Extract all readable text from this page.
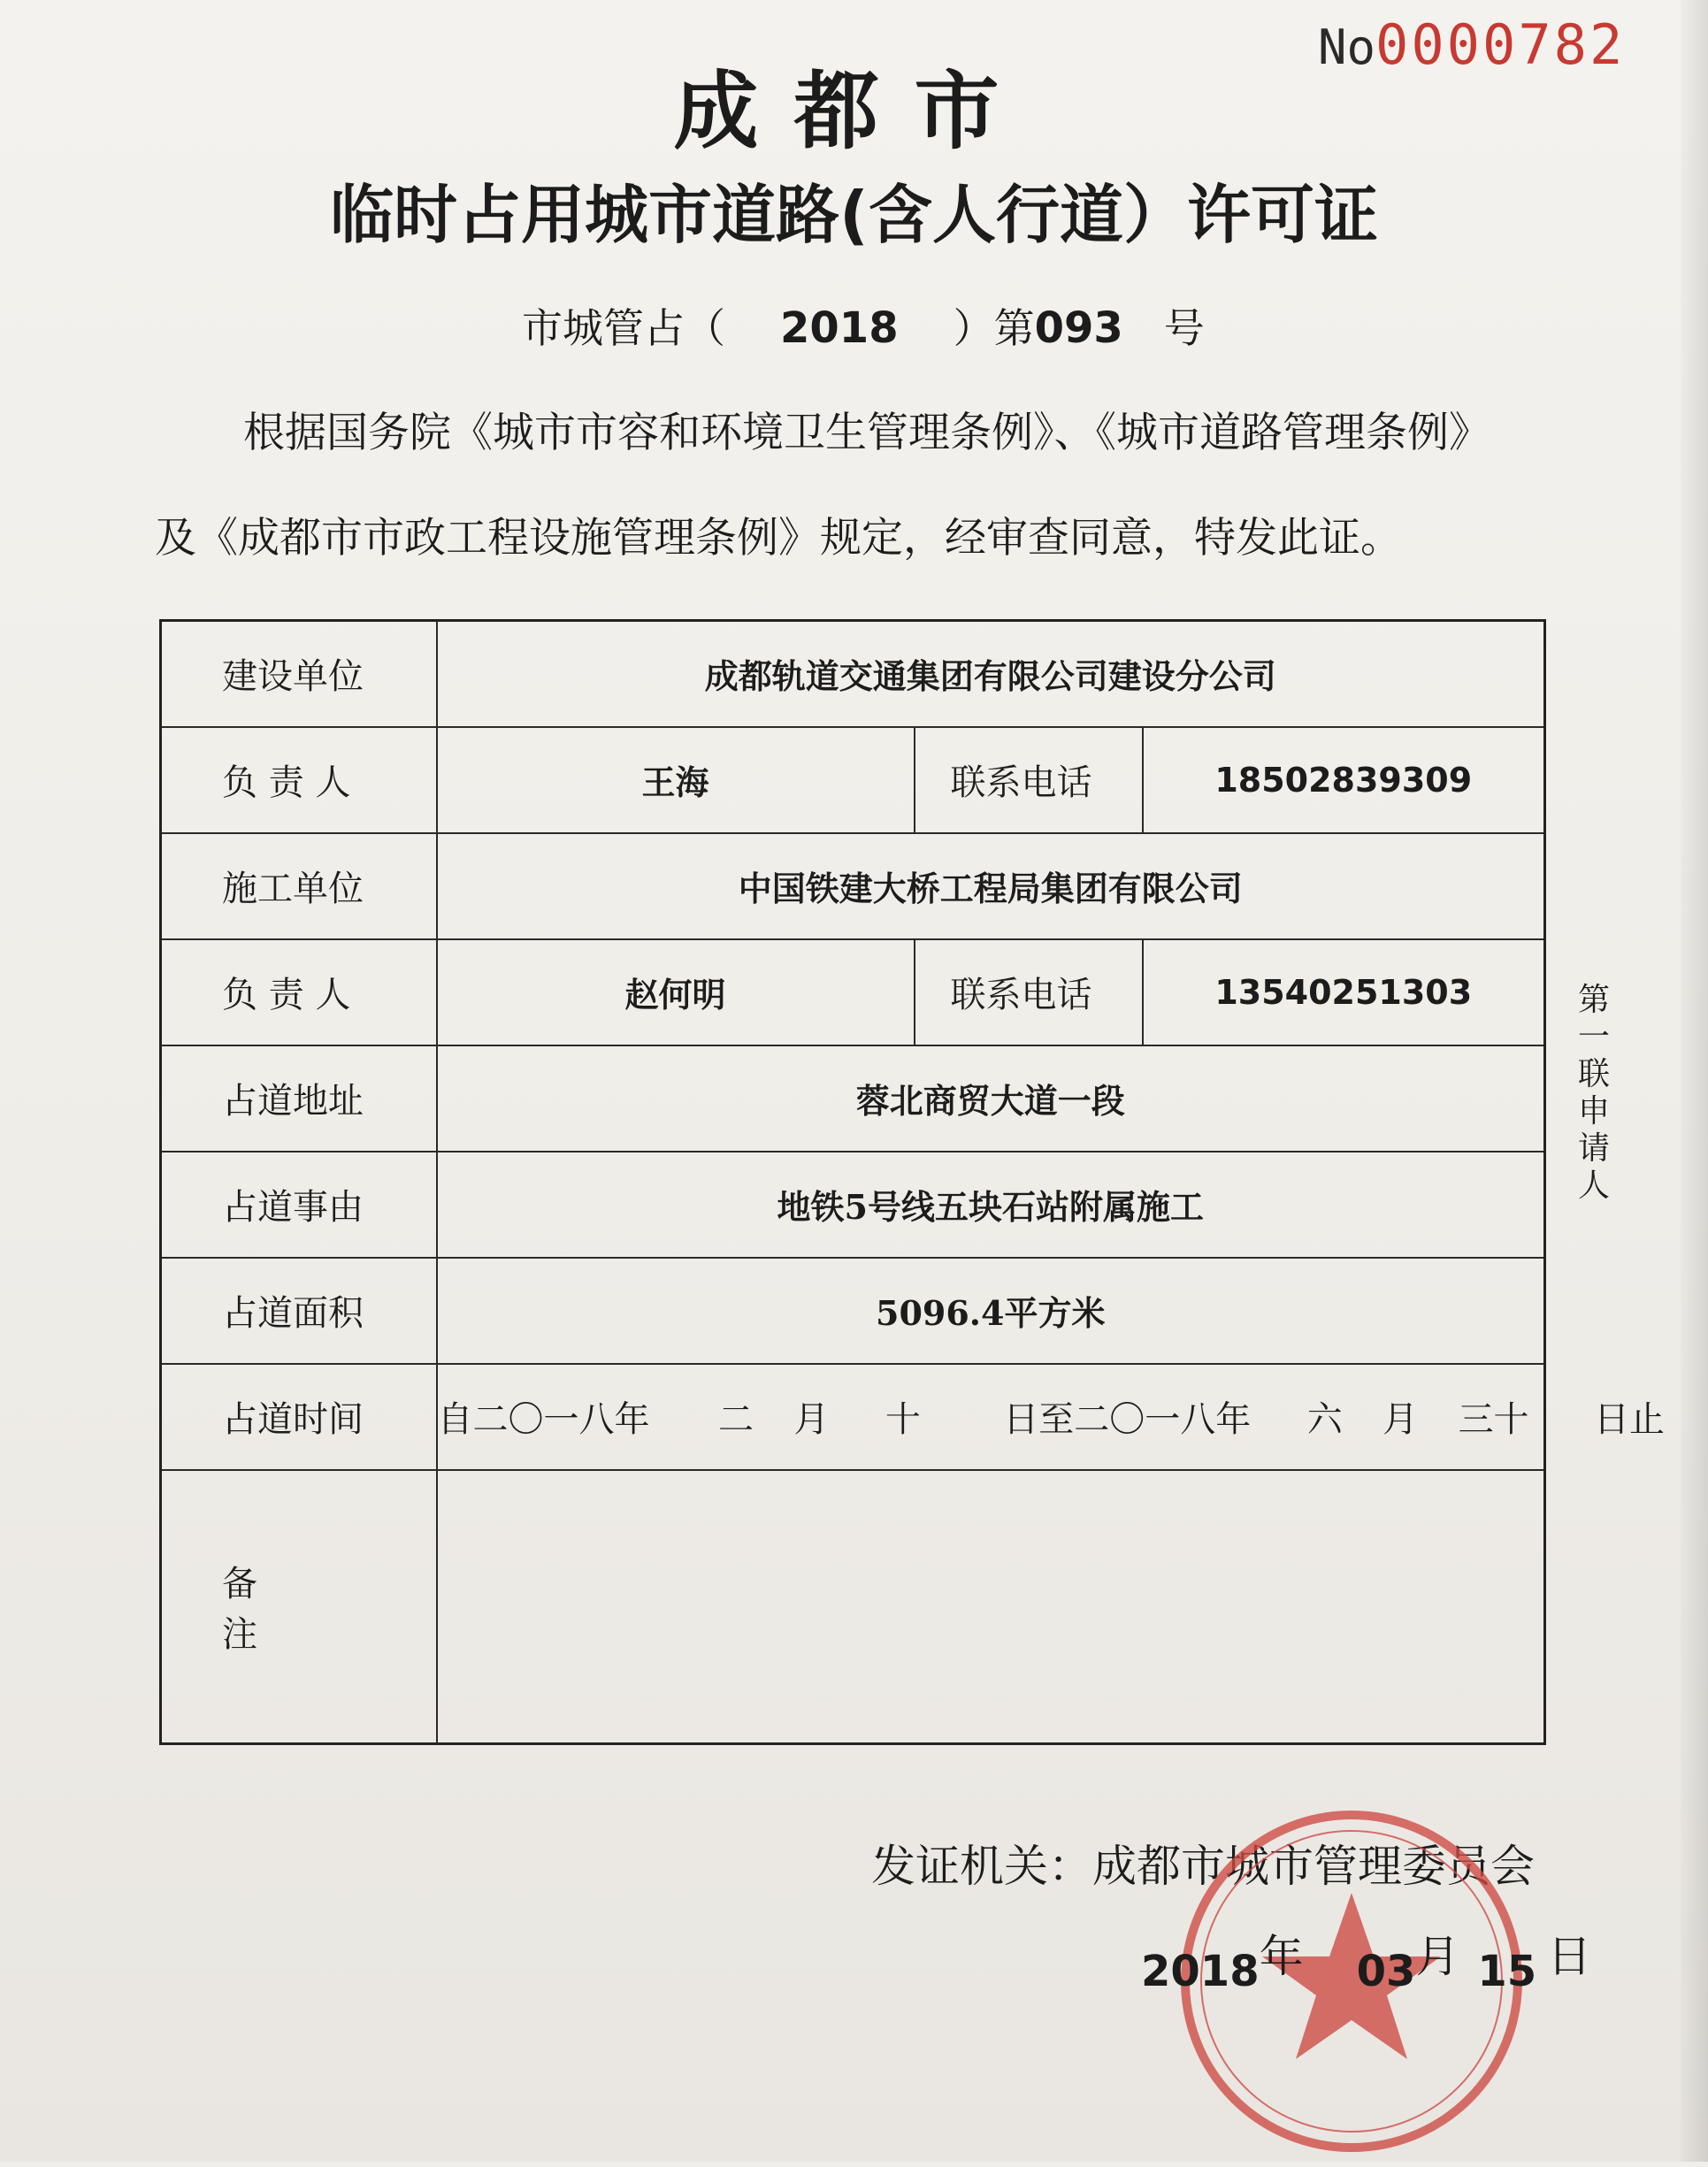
No0000782
成都市
临时占用城市道路(含人行道）许可证
市城管占（ 2018 ）第093 号
根据国务院《城市市容和环境卫生管理条例》、《城市道路管理条例》
及《成都市市政工程设施管理条例》规定，经审查同意，特发此证。
建设单位	成都轨道交通集团有限公司建设分公司		
负 责 人	王海	联系电话	18502839309
施工单位	中国铁建大桥工程局集团有限公司		
负 责 人	赵何明	联系电话	13540251303
占道地址	蓉北商贸大道一段		
占道事由	地铁5号线五块石站附属施工		
占道面积	5096.4平方米		
占道时间	自二〇一八年 二 月 十 日至二〇一八年 六 月 三十 日止		
备注			
第一联 申请人
发证机关：成都市城市管理委员会
2018年 03月 15 日
